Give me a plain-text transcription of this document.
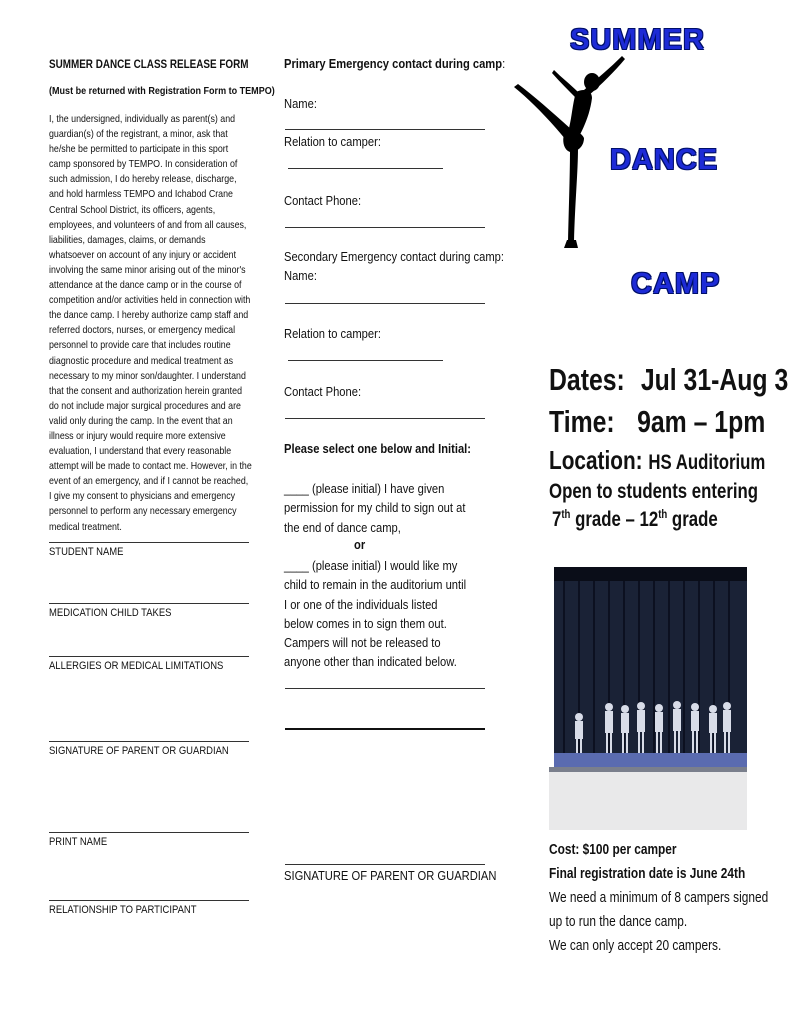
SUMMER DANCE CLASS RELEASE FORM
(Must be returned with Registration Form to TEMPO)
I, the undersigned, individually as parent(s) and guardian(s) of the registrant, a minor, ask that he/she be permitted to participate in this sport camp sponsored by TEMPO. In consideration of such admission, I do hereby release, discharge, and hold harmless TEMPO and Ichabod Crane Central School District, its officers, agents, employees, and volunteers of and from all causes, liabilities, damages, claims, or demands whatsoever on account of any injury or accident involving the same minor arising out of the minor's attendance at the dance camp or in the course of competition and/or activities held in connection with the dance camp. I hereby authorize camp staff and referred doctors, nurses, or emergency medical personnel to provide care that includes routine diagnostic procedure and medical treatment as necessary to my minor son/daughter. I understand that the consent and authorization herein granted do not include major surgical procedures and are valid only during the camp. In the event that an illness or injury would require more extensive evaluation, I understand that every reasonable attempt will be made to contact me. However, in the event of an emergency, and if I cannot be reached, I give my consent to physicians and emergency personnel to perform any necessary emergency medical treatment.
STUDENT NAME
MEDICATION CHILD TAKES
ALLERGIES OR MEDICAL LIMITATIONS
SIGNATURE OF PARENT OR GUARDIAN
PRINT NAME
RELATIONSHIP TO PARTICIPANT
Primary Emergency contact during camp:
Name:
Relation to camper:
Contact Phone:
Secondary Emergency contact during camp:
Name:
Relation to camper:
Contact Phone:
Please select one below and Initial:
____ (please initial) I have given permission for my child to sign out at the end of dance camp,
or
____ (please initial) I would like my child to remain in the auditorium until I or one of the individuals listed below comes in to sign them out. Campers will not be released to anyone other than indicated below.
SIGNATURE OF PARENT OR GUARDIAN
SUMMER
DANCE
CAMP
Dates: Jul 31-Aug 3
Time: 9am – 1pm
Location: HS Auditorium
Open to students entering
7th grade – 12th grade
Cost: $100 per camper
Final registration date is June 24th
We need a minimum of 8 campers signed
up to run the dance camp.
We can only accept 20 campers.
